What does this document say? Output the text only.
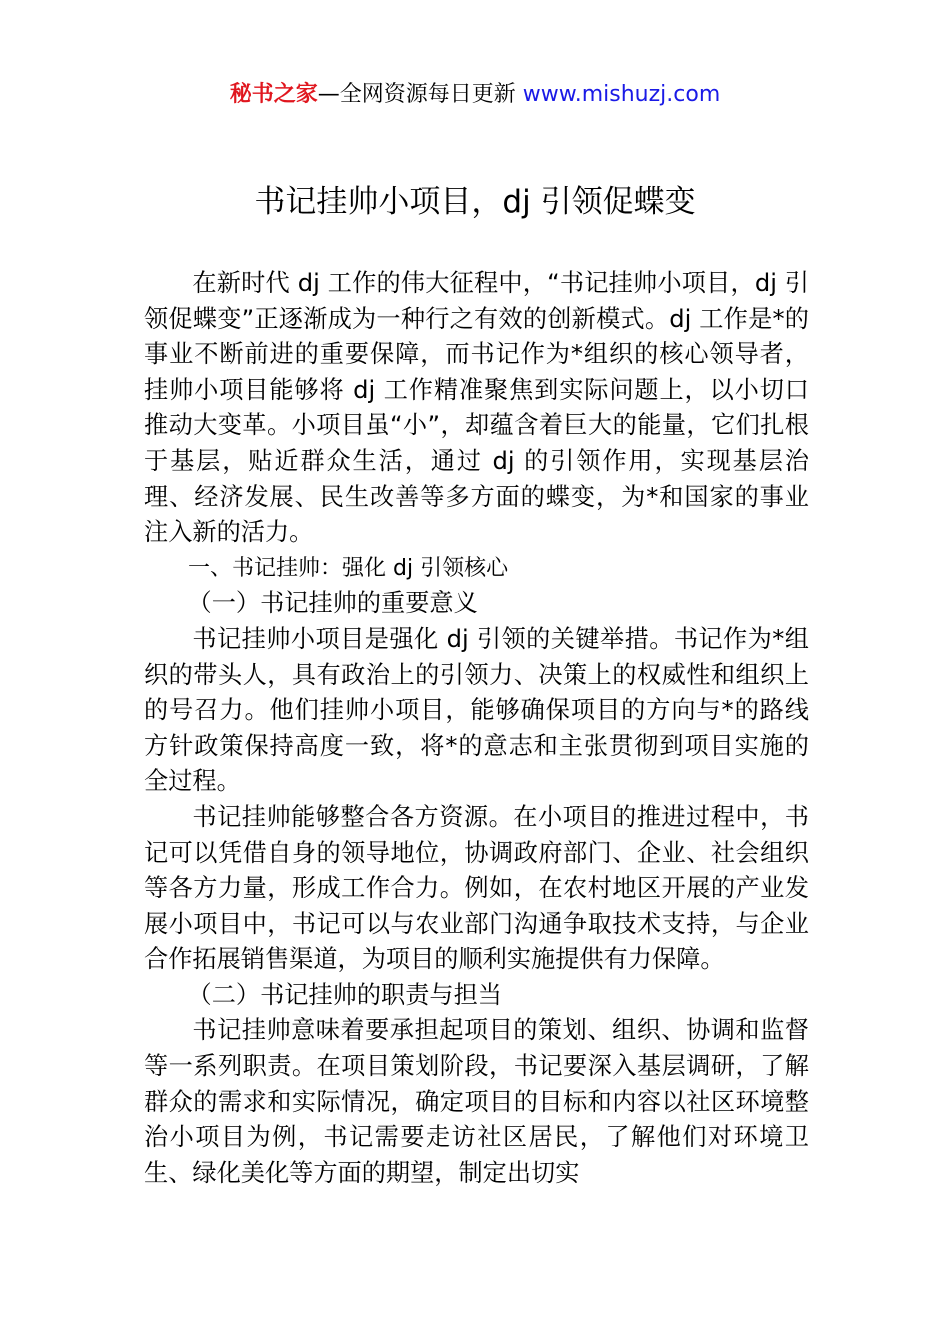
秘书之家—全网资源每日更新 www.mishuzj.com
书记挂帅小项目，dj 引领促蝶变

在新时代 dj 工作的伟大征程中，“书记挂帅小项目，dj 引领促蝶变”正逐渐成为一种行之有效的创新模式。dj 工作是*的事业不断前进的重要保障，而书记作为*组织的核心领导者，挂帅小项目能够将 dj 工作精准聚焦到实际问题上，以小切口推动大变革。小项目虽“小”，却蕴含着巨大的能量，它们扎根于基层，贴近群众生活，通过 dj 的引领作用，实现基层治理、经济发展、民生改善等多方面的蝶变，为*和国家的事业注入新的活力。

一、书记挂帅：强化 dj 引领核心

（一）书记挂帅的重要意义

书记挂帅小项目是强化 dj 引领的关键举措。书记作为*组织的带头人，具有政治上的引领力、决策上的权威性和组织上的号召力。他们挂帅小项目，能够确保项目的方向与*的路线方针政策保持高度一致，将*的意志和主张贯彻到项目实施的全过程。

书记挂帅能够整合各方资源。在小项目的推进过程中，书记可以凭借自身的领导地位，协调政府部门、企业、社会组织等各方力量，形成工作合力。例如，在农村地区开展的产业发展小项目中，书记可以与农业部门沟通争取技术支持，与企业合作拓展销售渠道，为项目的顺利实施提供有力保障。

（二）书记挂帅的职责与担当

书记挂帅意味着要承担起项目的策划、组织、协调和监督等一系列职责。在项目策划阶段，书记要深入基层调研，了解群众的需求和实际情况，确定项目的目标和内容以社区环境整治小项目为例，书记需要走访社区居民，了解他们对环境卫生、绿化美化等方面的期望，制定出切实
